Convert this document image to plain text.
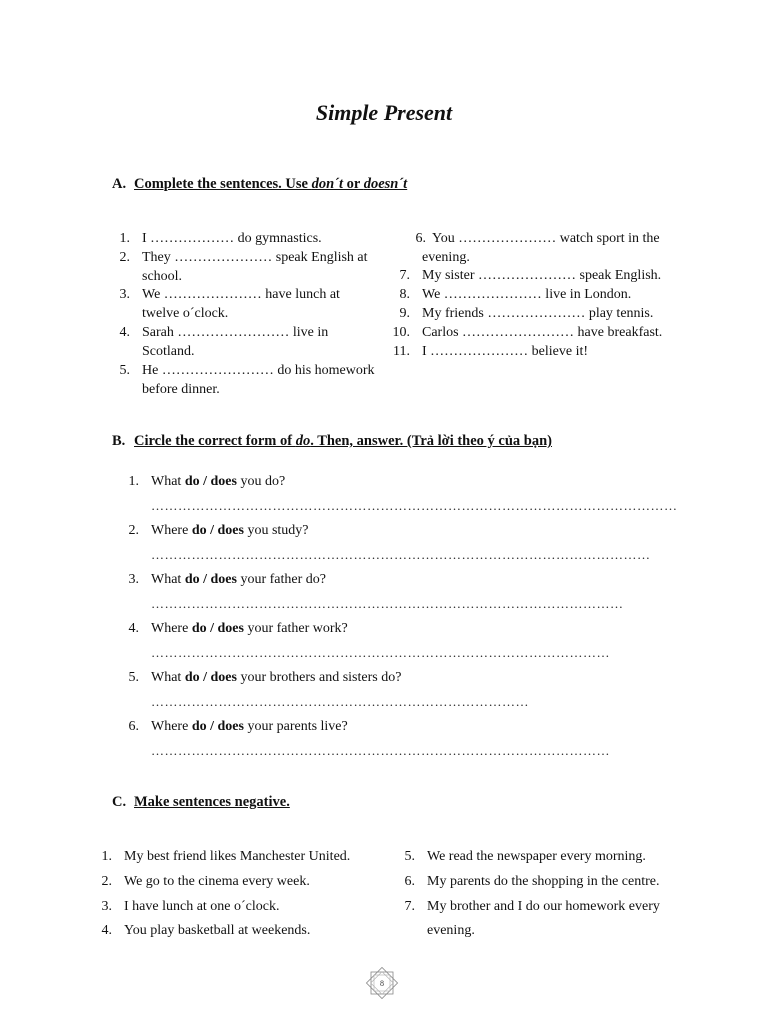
Simple Present
A. Complete the sentences. Use don´t or doesn´t
1. I ……………… do gymnastics.
2. They ………………… speak English at
school.
3. We ………………… have lunch at
twelve o´clock.
4. Sarah …………………… live in
Scotland.
5. He …………………… do his homework
before dinner.
6. You ………………… watch sport in the
evening.
7. My sister ………………… speak English.
8. We ………………… live in London.
9. My friends ………………… play tennis.
10. Carlos …………………… have breakfast.
11. I ………………… believe it!
B. Circle the correct form of do. Then, answer. (Trả lời theo ý của bạn)
1. What do / does you do?
………………………………………………………………………………………………………
2. Where do / does you study?
…………………………………………………………………………………………………
3. What do / does your father do?
……………………………………………………………………………………………
4. Where do / does your father work?
…………………………………………………………………………………………
5. What do / does your brothers and sisters do?
…………………………………………………………………………
6. Where do / does your parents live?
…………………………………………………………………………………………
C. Make sentences negative.
1. My best friend likes Manchester United.
2. We go to the cinema every week.
3. I have lunch at one o´clock.
4. You play basketball at weekends.
5. We read the newspaper every morning.
6. My parents do the shopping in the centre.
7. My brother and I do our homework every
evening.
8
